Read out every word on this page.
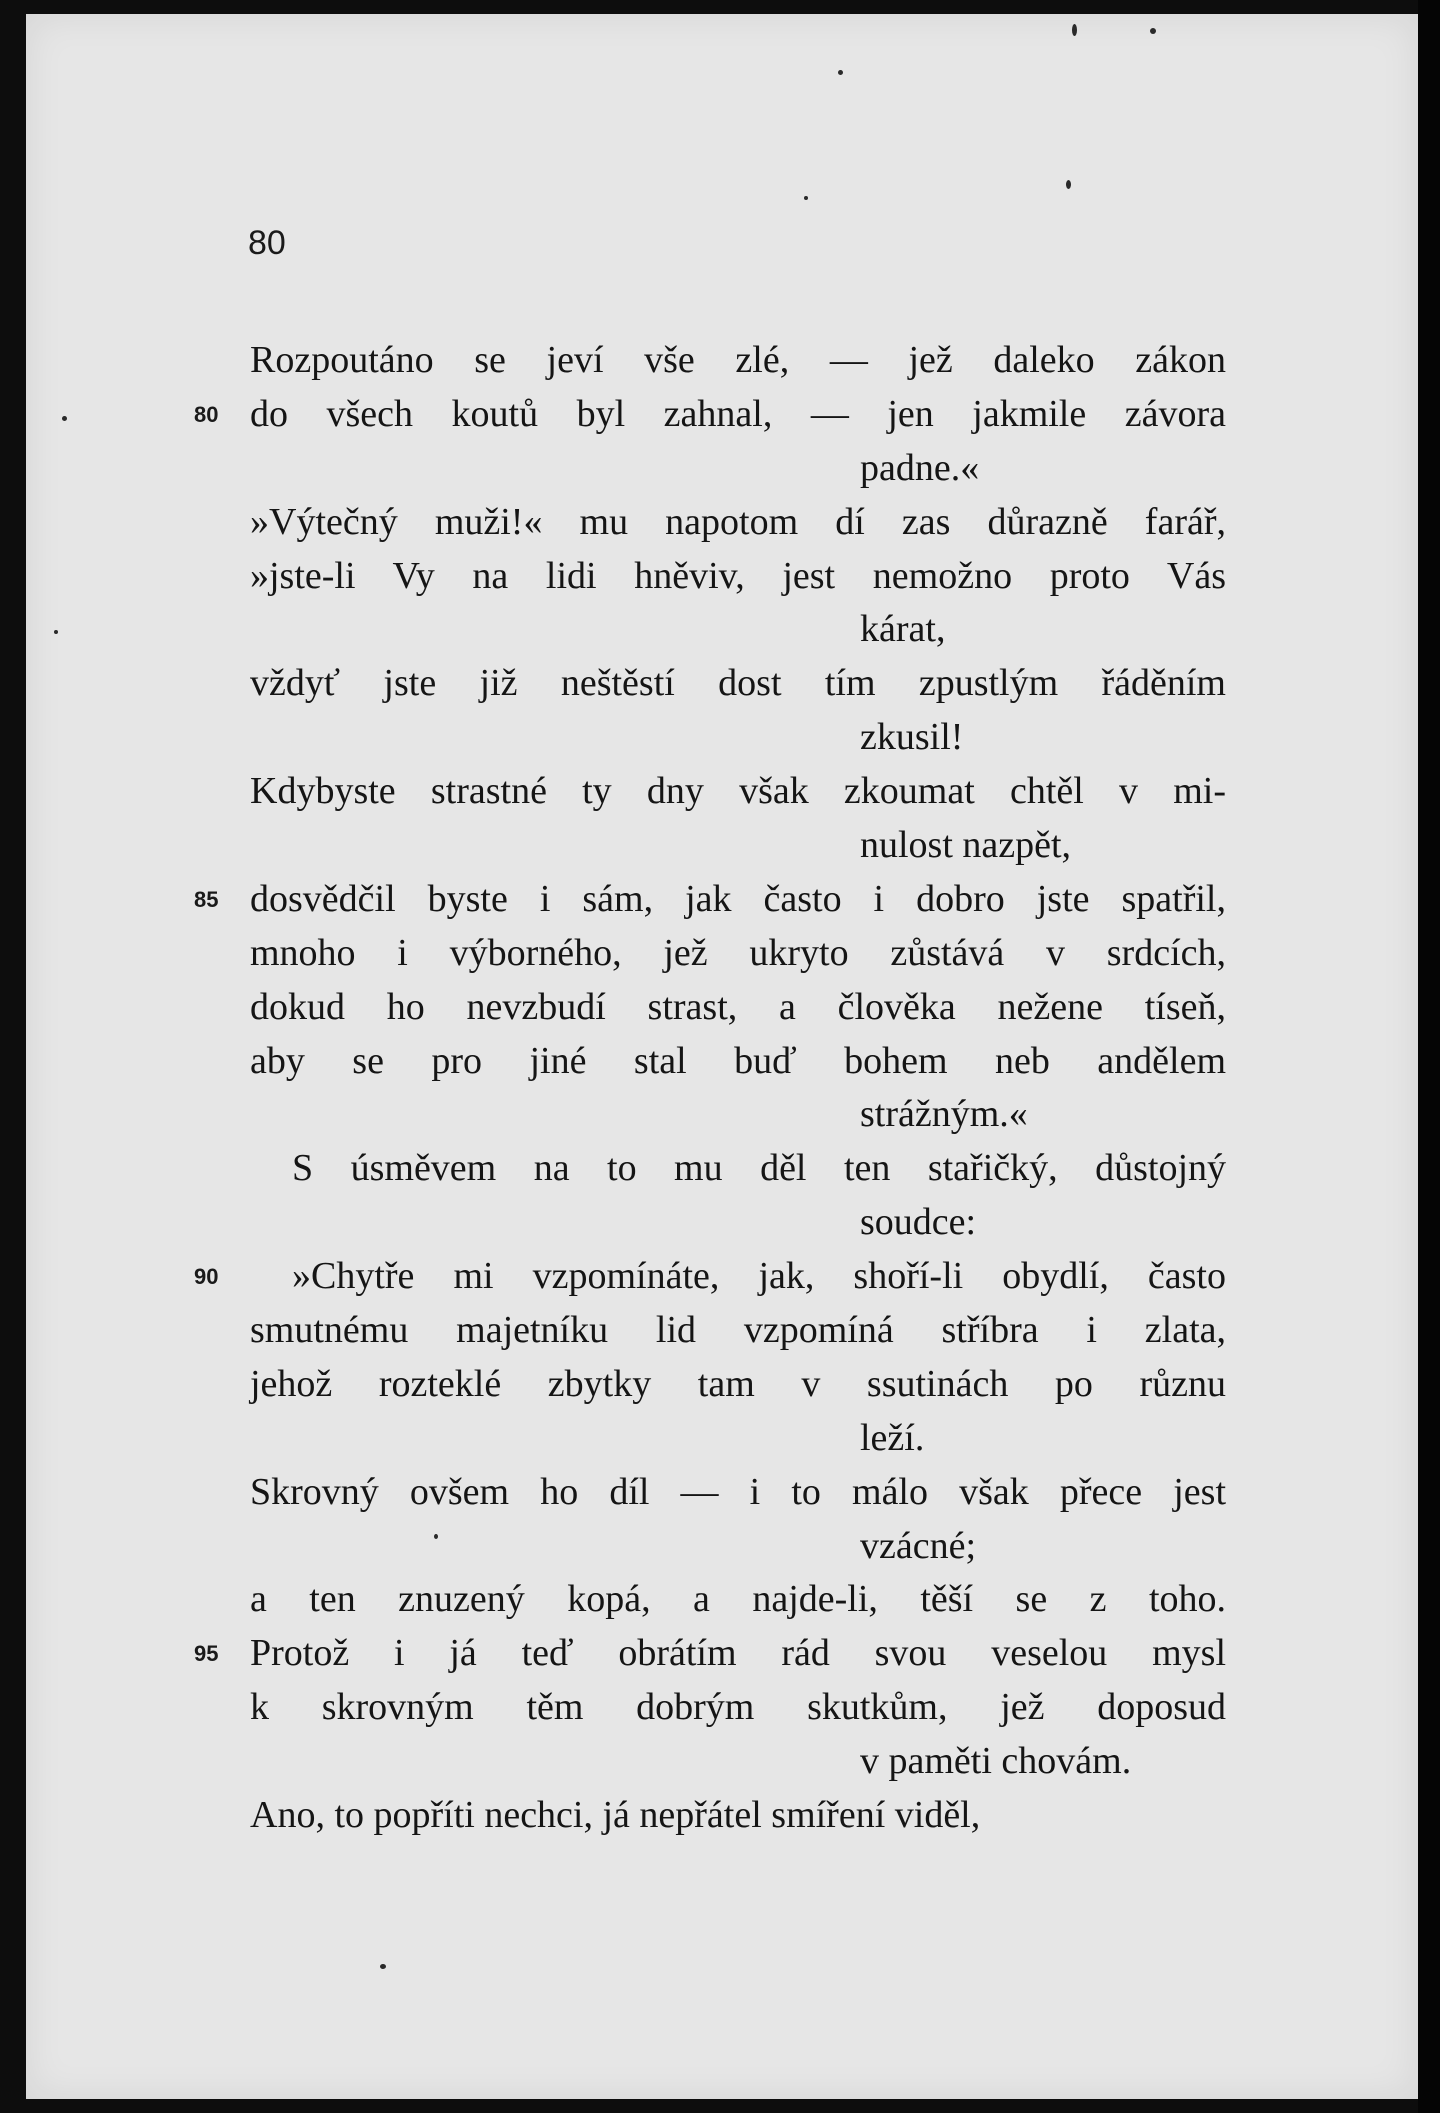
80
Rozpoutáno se jeví vše zlé, — jež daleko zákon
80 do všech koutů byl zahnal, — jen jakmile závora
padne.«
»Výtečný muži!« mu napotom dí zas důrazně farář,
»jste-li Vy na lidi hněviv, jest nemožno proto Vás
kárat,
vždyť jste již neštěstí dost tím zpustlým řáděním
zkusil!
Kdybyste strastné ty dny však zkoumat chtěl v mi-
nulost nazpět,
85 dosvědčil byste i sám, jak často i dobro jste spatřil,
mnoho i výborného, jež ukryto zůstává v srdcích,
dokud ho nevzbudí strast, a člověka nežene tíseň,
aby se pro jiné stal buď bohem neb andělem
strážným.«
S úsměvem na to mu děl ten stařičký, důstojný
soudce:
90 »Chytře mi vzpomínáte, jak, shoří-li obydlí, často
smutnému majetníku lid vzpomíná stříbra i zlata,
jehož rozteklé zbytky tam v ssutinách po různu
leží.
Skrovný ovšem ho díl — i to málo však přece jest
vzácné;
a ten znuzený kopá, a najde-li, těší se z toho.
95 Protož i já teď obrátím rád svou veselou mysl
k skrovným těm dobrým skutkům, jež doposud
v paměti chovám.
Ano, to popříti nechci, já nepřátel smíření viděl,
